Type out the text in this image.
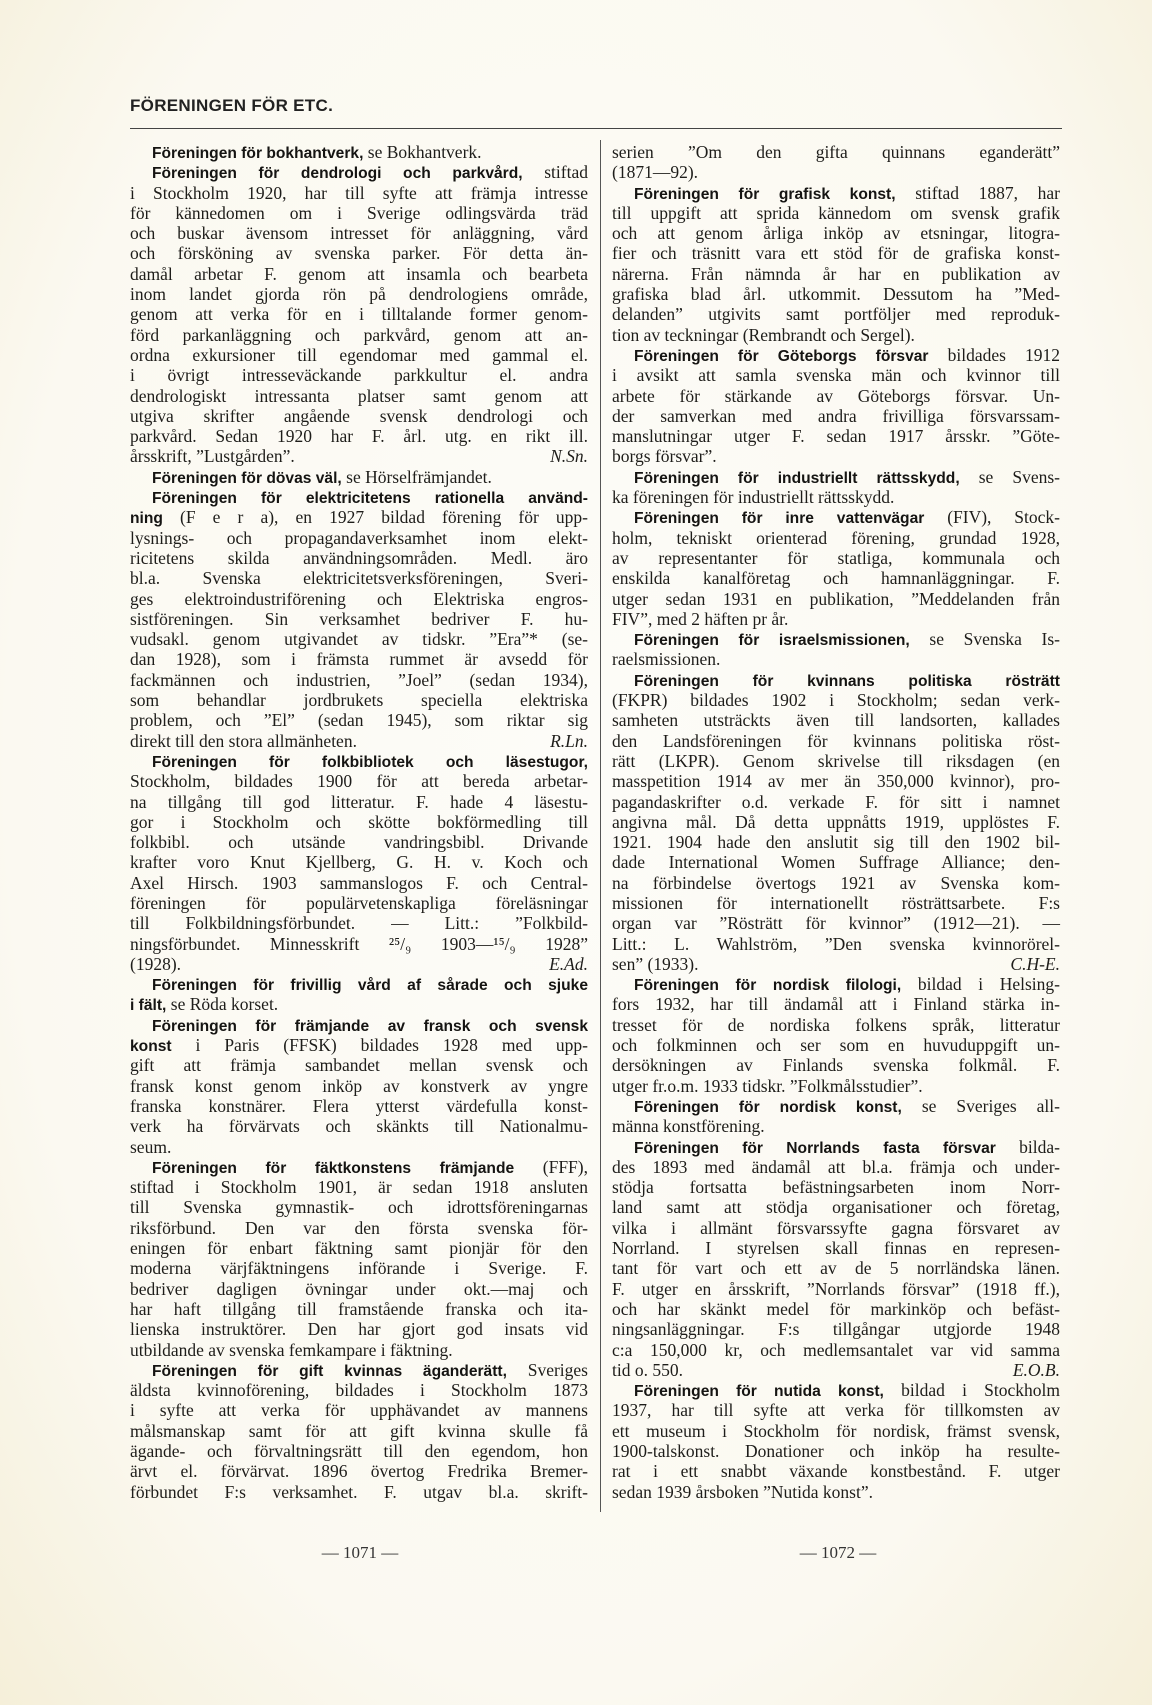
FÖRENINGEN FÖR ETC.
Föreningen för bokhantverk, se Bokhantverk.
Föreningen för dendrologi och parkvård, stiftad
i Stockholm 1920, har till syfte att främja intresse
för kännedomen om i Sverige odlingsvärda träd
och buskar ävensom intresset för anläggning, vård
och försköning av svenska parker. För detta än-
damål arbetar F. genom att insamla och bearbeta
inom landet gjorda rön på dendrologiens område,
genom att verka för en i tilltalande former genom-
förd parkanläggning och parkvård, genom att an-
ordna exkursioner till egendomar med gammal el.
i övrigt intresseväckande parkkultur el. andra
dendrologiskt intressanta platser samt genom att
utgiva skrifter angående svensk dendrologi och
parkvård. Sedan 1920 har F. årl. utg. en rikt ill.
årsskrift, ”Lustgården”.	N.Sn.
Föreningen för dövas väl, se Hörselfrämjandet.
Föreningen för elektricitetens rationella använd-
ning (F e r a), en 1927 bildad förening för upp-
lysnings- och propagandaverksamhet inom elekt-
ricitetens skilda användningsområden. Medl. äro
bl.a. Svenska elektricitetsverksföreningen, Sveri-
ges elektroindustriförening och Elektriska engros-
sistföreningen. Sin verksamhet bedriver F. hu-
vudsakl. genom utgivandet av tidskr. ”Era”* (se-
dan 1928), som i främsta rummet är avsedd för
fackmännen och industrien, ”Joel” (sedan 1934),
som behandlar jordbrukets speciella elektriska
problem, och ”El” (sedan 1945), som riktar sig
direkt till den stora allmänheten.	R.Ln.
Föreningen för folkbibliotek och läsestugor,
Stockholm, bildades 1900 för att bereda arbetar-
na tillgång till god litteratur. F. hade 4 läsestu-
gor i Stockholm och skötte bokförmedling till
folkbibl. och utsände vandringsbibl. Drivande
krafter voro Knut Kjellberg, G. H. v. Koch och
Axel Hirsch. 1903 sammanslogos F. och Central-
föreningen för populärvetenskapliga föreläsningar
till Folkbildningsförbundet. — Litt.: ”Folkbild-
ningsförbundet. Minnesskrift ²⁵/₉ 1903—¹⁵/₉ 1928”
(1928).	E.Ad.
Föreningen för frivillig vård af sårade och sjuke
i fält, se Röda korset.
Föreningen för främjande av fransk och svensk
konst i Paris (FFSK) bildades 1928 med upp-
gift att främja sambandet mellan svensk och
fransk konst genom inköp av konstverk av yngre
franska konstnärer. Flera ytterst värdefulla konst-
verk ha förvärvats och skänkts till Nationalmu-
seum.
Föreningen för fäktkonstens främjande (FFF),
stiftad i Stockholm 1901, är sedan 1918 ansluten
till Svenska gymnastik- och idrottsföreningarnas
riksförbund. Den var den första svenska för-
eningen för enbart fäktning samt pionjär för den
moderna värjfäktningens införande i Sverige. F.
bedriver dagligen övningar under okt.—maj och
har haft tillgång till framstående franska och ita-
lienska instruktörer. Den har gjort god insats vid
utbildande av svenska femkampare i fäktning.
Föreningen för gift kvinnas äganderätt, Sveriges
äldsta kvinnoförening, bildades i Stockholm 1873
i syfte att verka för upphävandet av mannens
målsmanskap samt för att gift kvinna skulle få
ägande- och förvaltningsrätt till den egendom, hon
ärvt el. förvärvat. 1896 övertog Fredrika Bremer-
förbundet F:s verksamhet. F. utgav bl.a. skrift-
serien ”Om den gifta quinnans eganderätt”
(1871—92).
Föreningen för grafisk konst, stiftad 1887, har
till uppgift att sprida kännedom om svensk grafik
och att genom årliga inköp av etsningar, litogra-
fier och träsnitt vara ett stöd för de grafiska konst-
närerna. Från nämnda år har en publikation av
grafiska blad årl. utkommit. Dessutom ha ”Med-
delanden” utgivits samt portföljer med reproduk-
tion av teckningar (Rembrandt och Sergel).
Föreningen för Göteborgs försvar bildades 1912
i avsikt att samla svenska män och kvinnor till
arbete för stärkande av Göteborgs försvar. Un-
der samverkan med andra frivilliga försvarssam-
manslutningar utger F. sedan 1917 årsskr. ”Göte-
borgs försvar”.
Föreningen för industriellt rättsskydd, se Svens-
ka föreningen för industriellt rättsskydd.
Föreningen för inre vattenvägar (FIV), Stock-
holm, tekniskt orienterad förening, grundad 1928,
av representanter för statliga, kommunala och
enskilda kanalföretag och hamnanläggningar. F.
utger sedan 1931 en publikation, ”Meddelanden från
FIV”, med 2 häften pr år.
Föreningen för israelsmissionen, se Svenska Is-
raelsmissionen.
Föreningen för kvinnans politiska rösträtt
(FKPR) bildades 1902 i Stockholm; sedan verk-
samheten utsträckts även till landsorten, kallades
den Landsföreningen för kvinnans politiska röst-
rätt (LKPR). Genom skrivelse till riksdagen (en
masspetition 1914 av mer än 350,000 kvinnor), pro-
pagandaskrifter o.d. verkade F. för sitt i namnet
angivna mål. Då detta uppnåtts 1919, upplöstes F.
1921. 1904 hade den anslutit sig till den 1902 bil-
dade International Women Suffrage Alliance; den-
na förbindelse övertogs 1921 av Svenska kom-
missionen för internationellt rösträttsarbete. F:s
organ var ”Rösträtt för kvinnor” (1912—21). —
Litt.: L. Wahlström, ”Den svenska kvinnorörel-
sen” (1933).	C.H-E.
Föreningen för nordisk filologi, bildad i Helsing-
fors 1932, har till ändamål att i Finland stärka in-
tresset för de nordiska folkens språk, litteratur
och folkminnen och ser som en huvuduppgift un-
dersökningen av Finlands svenska folkmål. F.
utger fr.o.m. 1933 tidskr. ”Folkmålsstudier”.
Föreningen för nordisk konst, se Sveriges all-
männa konstförening.
Föreningen för Norrlands fasta försvar bilda-
des 1893 med ändamål att bl.a. främja och under-
stödja fortsatta befästningsarbeten inom Norr-
land samt att stödja organisationer och företag,
vilka i allmänt försvarssyfte gagna försvaret av
Norrland. I styrelsen skall finnas en represen-
tant för vart och ett av de 5 norrländska länen.
F. utger en årsskrift, ”Norrlands försvar” (1918 ff.),
och har skänkt medel för markinköp och befäst-
ningsanläggningar. F:s tillgångar utgjorde 1948
c:a 150,000 kr, och medlemsantalet var vid samma
tid o. 550.	E.O.B.
Föreningen för nutida konst, bildad i Stockholm
1937, har till syfte att verka för tillkomsten av
ett museum i Stockholm för nordisk, främst svensk,
1900-talskonst. Donationer och inköp ha resulte-
rat i ett snabbt växande konstbestånd. F. utger
sedan 1939 årsboken ”Nutida konst”.
— 1071 —	— 1072 —
